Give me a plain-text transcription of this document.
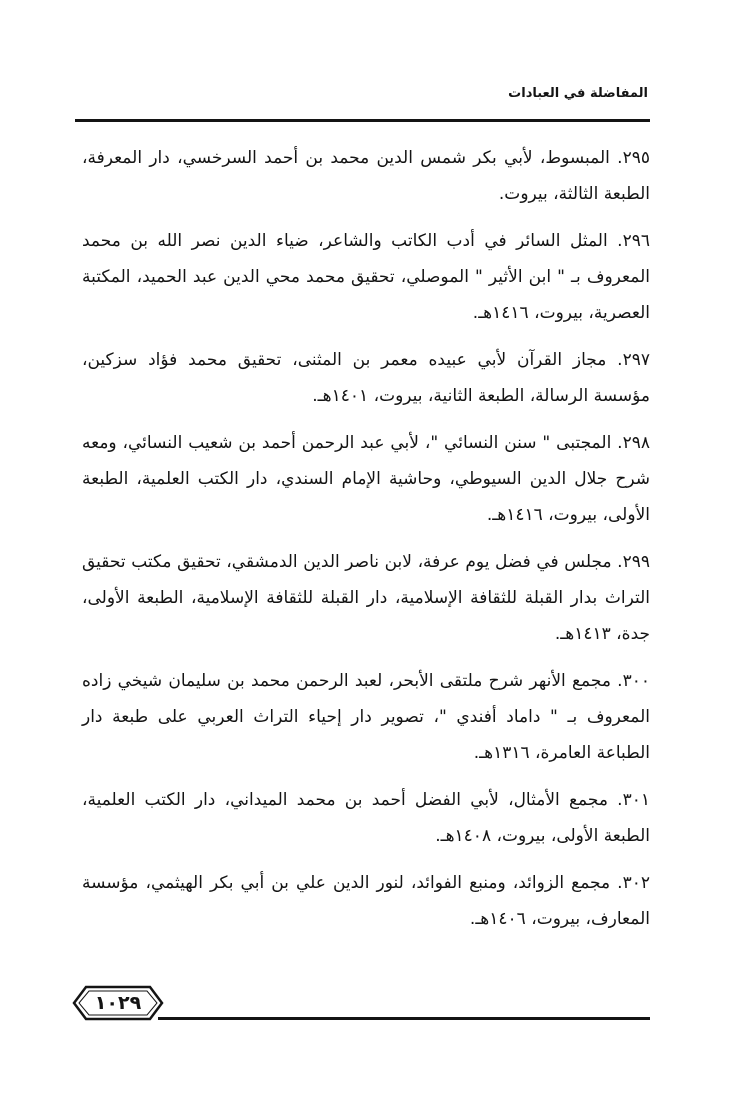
المفاضلة في العبادات

٢٩٥. المبسوط، لأبي بكر شمس الدين محمد بن أحمد السرخسي، دار المعرفة، الطبعة الثالثة، بيروت.

٢٩٦. المثل السائر في أدب الكاتب والشاعر، ضياء الدين نصر الله بن محمد المعروف بـ " ابن الأثير " الموصلي، تحقيق محمد محي الدين عبد الحميد، المكتبة العصرية، بيروت، ١٤١٦هـ.

٢٩٧. مجاز القرآن لأبي عبيده معمر بن المثنى، تحقيق محمد فؤاد سزكين، مؤسسة الرسالة، الطبعة الثانية، بيروت، ١٤٠١هـ.

٢٩٨. المجتبى " سنن النسائي "، لأبي عبد الرحمن أحمد بن شعيب النسائي، ومعه شرح جلال الدين السيوطي، وحاشية الإمام السندي، دار الكتب العلمية، الطبعة الأولى، بيروت، ١٤١٦هـ.

٢٩٩. مجلس في فضل يوم عرفة، لابن ناصر الدين الدمشقي، تحقيق مكتب تحقيق التراث بدار القبلة للثقافة الإسلامية، دار القبلة للثقافة الإسلامية، الطبعة الأولى، جدة، ١٤١٣هـ.

٣٠٠. مجمع الأنهر شرح ملتقى الأبحر، لعبد الرحمن محمد بن سليمان شيخي زاده المعروف بـ " داماد أفندي "، تصوير دار إحياء التراث العربي على طبعة دار الطباعة العامرة، ١٣١٦هـ.

٣٠١. مجمع الأمثال، لأبي الفضل أحمد بن محمد الميداني، دار الكتب العلمية، الطبعة الأولى، بيروت، ١٤٠٨هـ.

٣٠٢. مجمع الزوائد، ومنبع الفوائد، لنور الدين علي بن أبي بكر الهيثمي، مؤسسة المعارف، بيروت، ١٤٠٦هـ.

١٠٢٩
